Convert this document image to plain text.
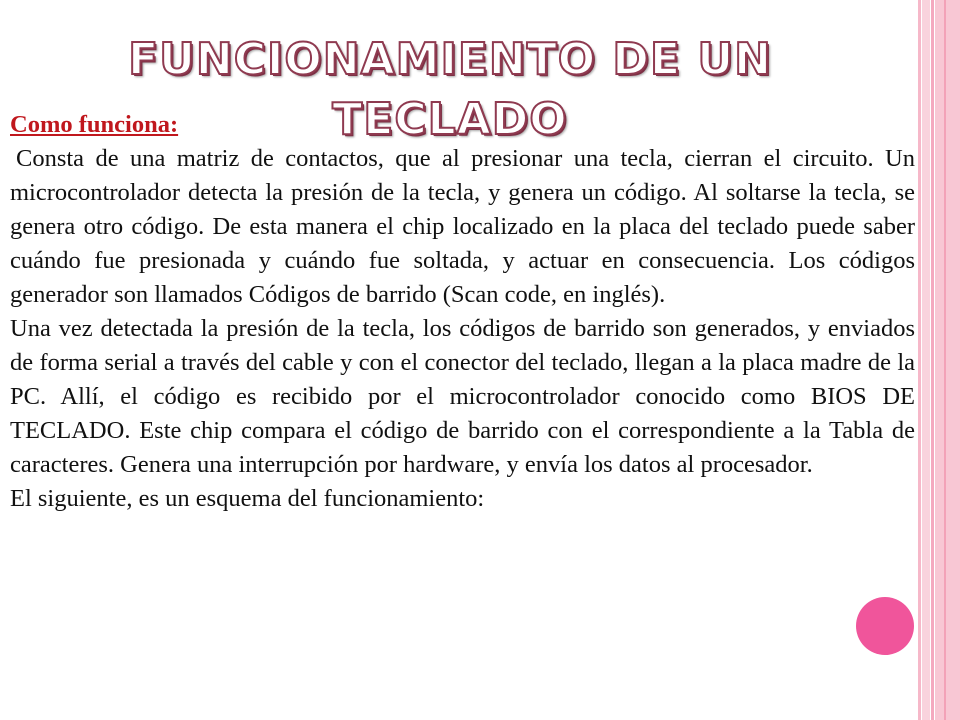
FUNCIONAMIENTO DE UN TECLADO
Como funciona:
Consta de una matriz de contactos, que al presionar una tecla, cierran el circuito. Un microcontrolador detecta la presión de la tecla, y genera un código. Al soltarse la tecla, se genera otro código. De esta manera el chip localizado en la placa del teclado puede saber cuándo fue presionada y cuándo fue soltada, y actuar en consecuencia. Los códigos generador son llamados Códigos de barrido (Scan code, en inglés).
Una vez detectada la presión de la tecla, los códigos de barrido son generados, y enviados de forma serial a través del cable y con el conector del teclado, llegan a la placa madre de la PC. Allí, el código es recibido por el microcontrolador conocido como BIOS DE TECLADO. Este chip compara el código de barrido con el correspondiente a la Tabla de caracteres. Genera una interrupción por hardware, y envía los datos al procesador.
El siguiente, es un esquema del funcionamiento:
